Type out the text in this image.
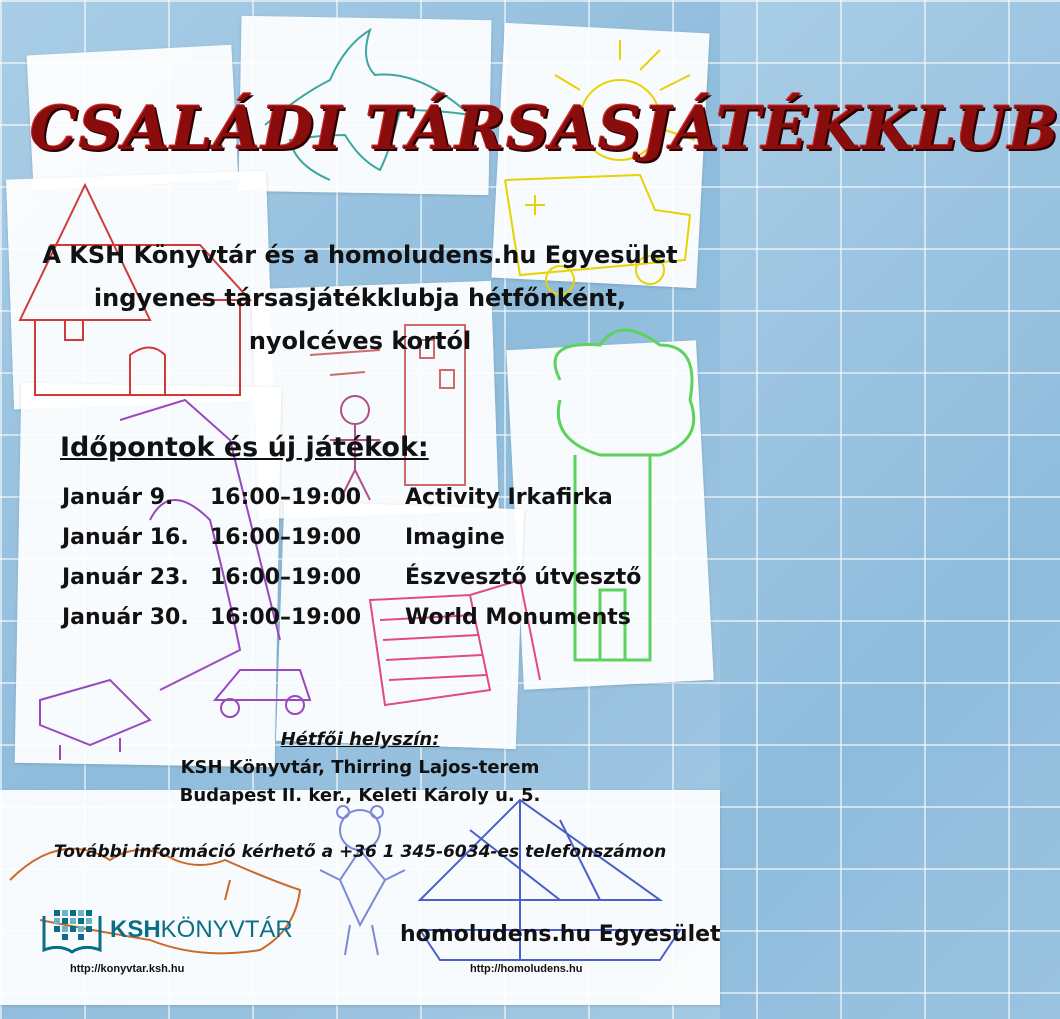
CSALÁDI TÁRSASJÁTÉKKLUB
A KSH Könyvtár és a homoludens.hu Egyesület
ingyenes társasjátékklubja hétfőnként,
nyolcéves kortól
Időpontok és új játékok:
Január 9. 16:00–19:00 Activity Irkafirka
Január 16. 16:00–19:00 Imagine
Január 23. 16:00–19:00 Észvesztő útvesztő
Január 30. 16:00–19:00 World Monuments
Hétfői helyszín:
KSH Könyvtár, Thirring Lajos-terem
Budapest II. ker., Keleti Károly u. 5.
További információ kérhető a +36 1 345-6034-es telefonszámon
KSHKÖNYVTÁR
http://konyvtar.ksh.hu
homoludens.hu Egyesület
http://homoludens.hu
